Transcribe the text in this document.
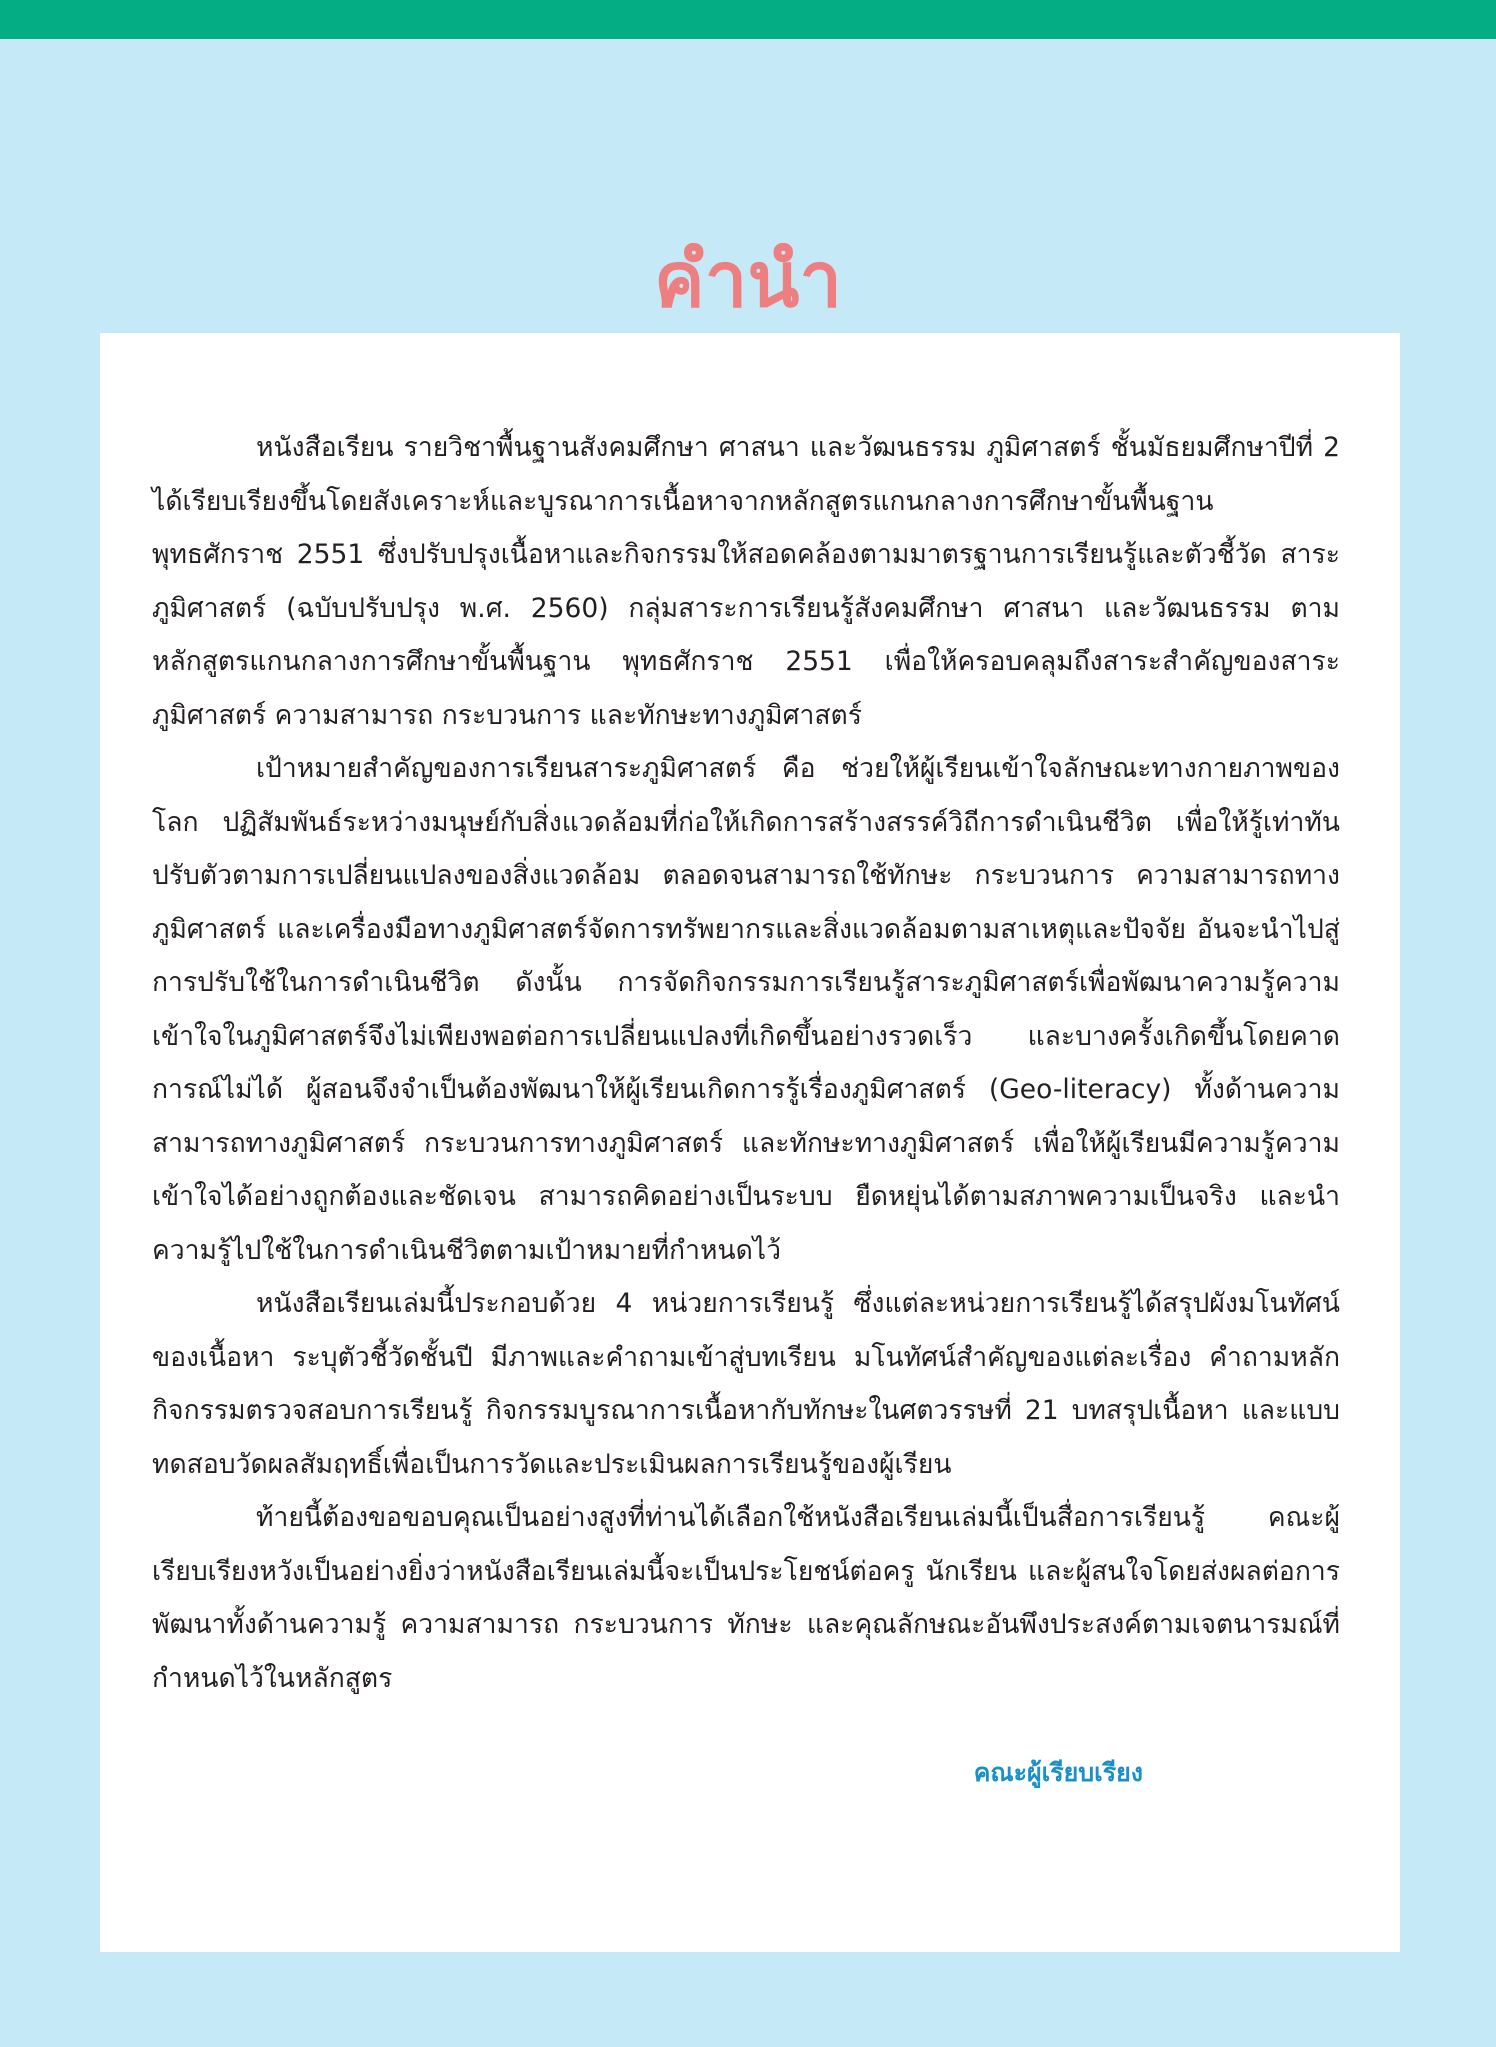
คำนำ

หนังสือเรียน รายวิชาพื้นฐานสังคมศึกษา ศาสนา และวัฒนธรรม ภูมิศาสตร์ ชั้นมัธยมศึกษาปีที่ 2 ได้เรียบเรียงขึ้นโดยสังเคราะห์และบูรณาการเนื้อหาจากหลักสูตรแกนกลางการศึกษาขั้นพื้นฐาน พุทธศักราช 2551 ซึ่งปรับปรุงเนื้อหาและกิจกรรมให้สอดคล้องตามมาตรฐานการเรียนรู้และตัวชี้วัด สาระภูมิศาสตร์ (ฉบับปรับปรุง พ.ศ. 2560) กลุ่มสาระการเรียนรู้สังคมศึกษา ศาสนา และวัฒนธรรม ตามหลักสูตรแกนกลางการศึกษาขั้นพื้นฐาน พุทธศักราช 2551 เพื่อให้ครอบคลุมถึงสาระสำคัญของสาระภูมิศาสตร์ ความสามารถ กระบวนการ และทักษะทางภูมิศาสตร์

เป้าหมายสำคัญของการเรียนสาระภูมิศาสตร์ คือ ช่วยให้ผู้เรียนเข้าใจลักษณะทางกายภาพของโลก ปฏิสัมพันธ์ระหว่างมนุษย์กับสิ่งแวดล้อมที่ก่อให้เกิดการสร้างสรรค์วิถีการดำเนินชีวิต เพื่อให้รู้เท่าทัน ปรับตัวตามการเปลี่ยนแปลงของสิ่งแวดล้อม ตลอดจนสามารถใช้ทักษะ กระบวนการ ความสามารถทางภูมิศาสตร์ และเครื่องมือทางภูมิศาสตร์จัดการทรัพยากรและสิ่งแวดล้อมตามสาเหตุและปัจจัย อันจะนำไปสู่การปรับใช้ในการดำเนินชีวิต ดังนั้น การจัดกิจกรรมการเรียนรู้สาระภูมิศาสตร์เพื่อพัฒนาความรู้ความเข้าใจในภูมิศาสตร์จึงไม่เพียงพอต่อการเปลี่ยนแปลงที่เกิดขึ้นอย่างรวดเร็ว และบางครั้งเกิดขึ้นโดยคาดการณ์ไม่ได้ ผู้สอนจึงจำเป็นต้องพัฒนาให้ผู้เรียนเกิดการรู้เรื่องภูมิศาสตร์ (Geo-literacy) ทั้งด้านความสามารถทางภูมิศาสตร์ กระบวนการทางภูมิศาสตร์ และทักษะทางภูมิศาสตร์ เพื่อให้ผู้เรียนมีความรู้ความเข้าใจได้อย่างถูกต้องและชัดเจน สามารถคิดอย่างเป็นระบบ ยืดหยุ่นได้ตามสภาพความเป็นจริง และนำความรู้ไปใช้ในการดำเนินชีวิตตามเป้าหมายที่กำหนดไว้

หนังสือเรียนเล่มนี้ประกอบด้วย 4 หน่วยการเรียนรู้ ซึ่งแต่ละหน่วยการเรียนรู้ได้สรุปผังมโนทัศน์ของเนื้อหา ระบุตัวชี้วัดชั้นปี มีภาพและคำถามเข้าสู่บทเรียน มโนทัศน์สำคัญของแต่ละเรื่อง คำถามหลัก กิจกรรมตรวจสอบการเรียนรู้ กิจกรรมบูรณาการเนื้อหากับทักษะในศตวรรษที่ 21 บทสรุปเนื้อหา และแบบทดสอบวัดผลสัมฤทธิ์เพื่อเป็นการวัดและประเมินผลการเรียนรู้ของผู้เรียน

ท้ายนี้ต้องขอขอบคุณเป็นอย่างสูงที่ท่านได้เลือกใช้หนังสือเรียนเล่มนี้เป็นสื่อการเรียนรู้ คณะผู้เรียบเรียงหวังเป็นอย่างยิ่งว่าหนังสือเรียนเล่มนี้จะเป็นประโยชน์ต่อครู นักเรียน และผู้สนใจโดยส่งผลต่อการพัฒนาทั้งด้านความรู้ ความสามารถ กระบวนการ ทักษะ และคุณลักษณะอันพึงประสงค์ตามเจตนารมณ์ที่กำหนดไว้ในหลักสูตร

คณะผู้เรียบเรียง
